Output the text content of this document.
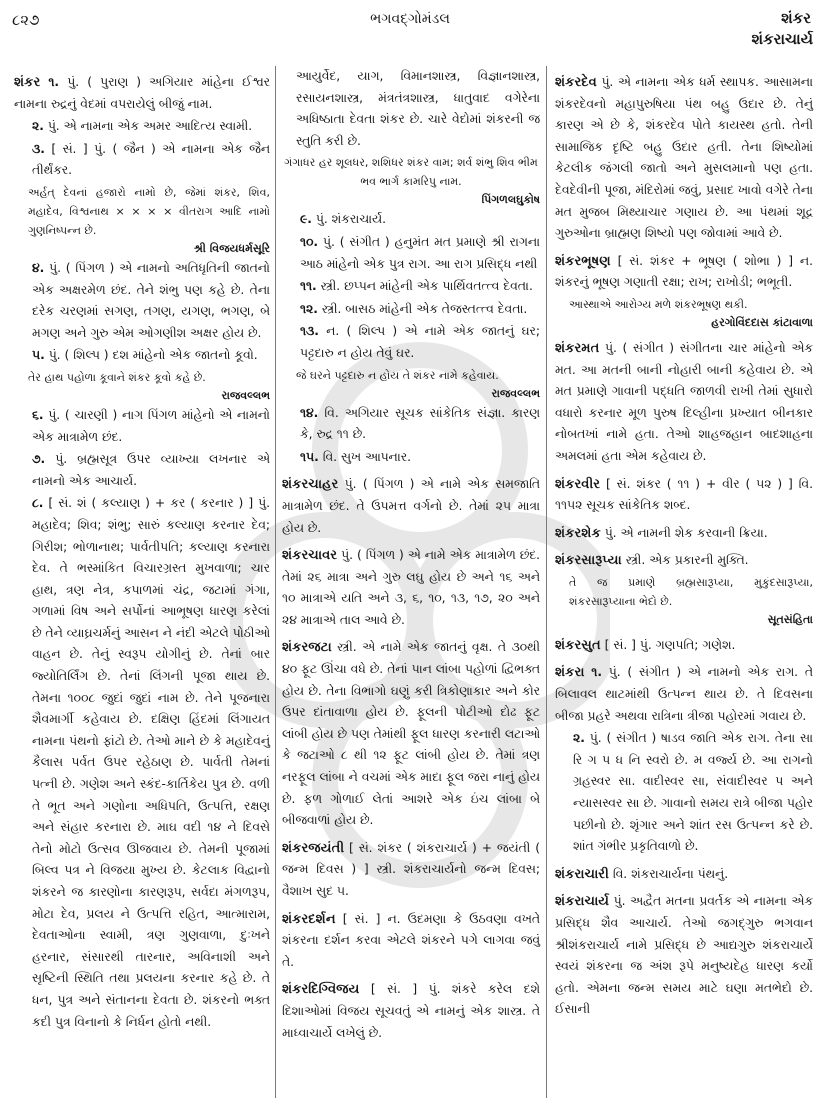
૮૨૭	ભગવદ્ગોમંડલ	શંકર
શંકરાચાર્ય
શંકર ૧. પું. ( પુરાણ ) અગિયાર માંહેના ઈશ્વર નામના રુદ્રનું વેદમાં વપરાયેલું બીજું નામ.
૨. પું. એ નામના એક અમર આદિત્ય સ્વામી.
૩. [ સં. ] પું. ( જૈન ) એ નામના એક જૈન તીર્થંકર.
અર્હત્ દેવનાં હજારો નામો છે, જેમાં શંકર, શિવ, મહાદેવ, વિશ્વનાથ × × × × વીતરાગ આદિ નામો ગુણનિષ્પન્ન છે.
શ્રી વિજયધર્મસૂરિ
૪. પું. ( પિંગળ ) એ નામનો અતિધૃતિની જાતનો એક અક્ષરમેળ છંદ. તેને શંભુ પણ કહે છે. તેના દરેક ચરણમાં સગણ, તગણ, યગણ, ભગણ, બે મગણ અને ગુરુ એમ ઓગણીશ અક્ષર હોય છે.
૫. પું. ( શિલ્પ ) દશ માંહેનો એક જાતનો કૂવો.
તેર હાથ પહોળા કૂવાને શંકર કૂવો કહે છે.
રાજવલ્લભ
૬. પું. ( ચારણી ) નાગ પિંગળ માંહેનો એ નામનો એક માત્રામેળ છંદ.
૭. પું. બ્રહ્મસૂત્ર ઉપર વ્યાખ્યા લખનાર એ નામનો એક આચાર્ય.
૮. [ સં. શં ( કલ્યાણ ) + કર ( કરનાર ) ] પું. મહાદેવ; શિવ; શંભુ; સારું કલ્યાણ કરનાર દેવ; ગિરીશ; ભોળાનાથ; પાર્વતીપતિ; કલ્યાણ કરનારા દેવ. તે ભસ્માંકિત વિચારગ્રસ્ત મુખવાળા; ચાર હાથ, ત્રણ નેત્ર, કપાળમાં ચંદ્ર, જટામાં ગંગા, ગળામાં વિષ અને સર્પોનાં આભૂષણ ધારણ કરેલાં છે તેને વ્યાઘ્રચર્મનું આસન ને નંદી એટલે પોઠીઓ વાહન છે. તેનું સ્વરૂપ યોગીનું છે. તેનાં બાર જ્યોતિર્લિંગ છે. તેનાં લિંગની પૂજા થાય છે. તેમના ૧૦૦૮ જુદાં જુદાં નામ છે. તેને પૂજનારા શૈવમાર્ગી કહેવાય છે. દક્ષિણ હિંદમાં લિંગાયત નામના પંથનો ફાંટો છે. તેઓ માને છે કે મહાદેવનું કૈલાસ પર્વત ઉપર રહેઠાણ છે. પાર્વતી તેમનાં પત્ની છે. ગણેશ અને સ્કંદ-કાર્તિકેય પુત્ર છે. વળી તે ભૂત અને ગણોના અધિપતિ, ઉત્પત્તિ, રક્ષણ અને સંહાર કરનારા છે. માઘ વદી ૧૪ ને દિવસે તેનો મોટો ઉત્સવ ઊજવાય છે. તેમની પૂજામાં બિલ્વ પત્ર ને વિજયા મુખ્ય છે. કેટલાક વિદ્વાનો શંકરને જ કારણોના કારણરૂપ, સર્વદા મંગળરૂપ, મોટા દેવ, પ્રલય ને ઉત્પત્તિ રહિત, આત્મારામ, દેવતાઓના સ્વામી, ત્રણ ગુણવાળા, દુઃખને હરનાર, સંસારથી તારનાર, અવિનાશી અને સૃષ્ટિની સ્થિતિ તથા પ્રલયના કરનાર કહે છે. તે ધન, પુત્ર અને સંતાનના દેવતા છે. શંકરનો ભક્ત કદી પુત્ર વિનાનો કે નિર્ધન હોતો નથી.
આયુર્વેદ, યાગ, વિમાનશાસ્ત્ર, વિજ્ઞાનશાસ્ત્ર, રસાયનશાસ્ત્ર, મંત્રતંત્રશાસ્ત્ર, ધાતુવાદ વગેરેના અધિષ્ઠાતા દેવતા શંકર છે. ચારે વેદોમાં શંકરની જ સ્તુતિ કરી છે.
ગંગાધર હર શૂલધર, શશિધર શંકર વામ; શર્વ શંભુ શિવ ભીમ ભવ ભાર્ગ કામરિપુ નામ.
પિંગળલઘુકોષ
૯. પું. શંકરાચાર્ય.
૧૦. પું. ( સંગીત ) હનુમંત મત પ્રમાણે શ્રી રાગના આઠ માંહેનો એક પુત્ર રાગ. આ રાગ પ્રસિદ્ધ નથી
૧૧. સ્ત્રી. છપ્પન માંહેની એક પાર્થિવતત્ત્વ દેવતા.
૧૨. સ્ત્રી. બાસઠ માંહેની એક તેજસ્તત્ત્વ દેવતા.
૧૩. ન. ( શિલ્પ ) એ નામે એક જાતનું ઘર; પટ્ટદારુ ન હોય તેવું ઘર.
જે ઘરને પટ્ટદારુ ન હોય તે શંકર નામે કહેવાય.
રાજવલ્લભ
૧૪. વિ. અગિયાર સૂચક સાંકેતિક સંજ્ઞા. કારણ કે, રુદ્ર ૧૧ છે.
૧૫. વિ. સુખ આપનાર.
શંકરચાહર પું. ( પિંગળ ) એ નામે એક સમજાતિ માત્રામેળ છંદ. તે ઉપમત્ત વર્ગનો છે. તેમાં ૨૫ માત્રા હોય છે.
શંકરચાવર પું. ( પિંગળ ) એ નામે એક માત્રામેળ છંદ. તેમાં ૨૬ માત્રા અને ગુરુ લઘુ હોય છે અને ૧૬ અને ૧૦ માત્રાએ યતિ અને ૩, ૬, ૧૦, ૧૩, ૧૭, ૨૦ અને ૨૪ માત્રાએ તાલ આવે છે.
શંકરજટા સ્ત્રી. એ નામે એક જાતનું વૃક્ષ. તે ૩૦થી ૪૦ ફૂટ ઊંચા વધે છે. તેનાં પાન લાંબા પહોળાં દ્વિભક્ત હોય છે. તેના વિભાગો ઘણું કરી ત્રિકોણાકાર અને કોર ઉપર દાંતાવાળા હોય છે. ફૂલની પોટીઓ દોઢ ફૂટ લાંબી હોય છે પણ તેમાંથી ફૂલ ધારણ કરનારી લટાઓ કે જટાઓ ૮ થી ૧૨ ફૂટ લાંબી હોય છે. તેમાં ત્રણ નરફૂલ લાંબા ને વચમાં એક માદા ફૂલ જરા નાનું હોય છે. ફળ ગોળાઈ લેતાં આશરે એક ઇંચ લાંબા બે બીજવાળાં હોય છે.
શંકરજયંતી [ સં. શંકર ( શંકરાચાર્ય ) + જયંતી ( જન્મ દિવસ ) ] સ્ત્રી. શંકરાચાર્યનો જન્મ દિવસ; વૈશાખ સુદ ૫.
શંકરદર્શન [ સં. ] ન. ઉદમણા કે ઉઠવણા વખતે શંકરના દર્શન કરવા એટલે શંકરને પગે લાગવા જવું તે.
શંકરદિગ્વિજય [ સં. ] પું. શંકરે કરેલ દશે દિશાઓમાં વિજય સૂચવતું એ નામનું એક શાસ્ત્ર. તે માધ્વાચાર્યે લખેલું છે.
શંકરદેવ પું. એ નામના એક ધર્મ સ્થાપક. આસામના શંકરદેવનો મહાપુરુષિયા પંથ બહુ ઉદાર છે. તેનું કારણ એ છે કે, શંકરદેવ પોતે કાયસ્થ હતો. તેની સામાજિક દૃષ્ટિ બહુ ઉદાર હતી. તેના શિષ્યોમાં કેટલીક જંગલી જાતો અને મુસલમાનો પણ હતા. દેવદેવીની પૂજા, મંદિરોમાં જવું, પ્રસાદ ખાવો વગેરે તેના મત મુજબ મિથ્યાચાર ગણાય છે. આ પંથમાં શૂદ્ર ગુરુઓના બ્રાહ્મણ શિષ્યો પણ જોવામાં આવે છે.
શંકરભૂષણ [ સં. શંકર + ભૂષણ ( શોભા ) ] ન. શંકરનું ભૂષણ ગણાતી રક્ષા; રાખ; રાખોડી; ભભૂતી.
આસ્થાએ આરોગ્ય મળે શંકરભૂષણ થકી.
હરગોવિંદદાસ કાંટાવાળા
શંકરમત પું. ( સંગીત ) સંગીતના ચાર માંહેનો એક મત. આ મતની બાની નોહારી બાની કહેવાય છે. એ મત પ્રમાણે ગાવાની પદ્ધતિ જાળવી રાખી તેમાં સુધારો વધારો કરનાર મૂળ પુરુષ દિલ્હીના પ્રખ્યાત બીનકાર નોબતખાં નામે હતા. તેઓ શાહજહાન બાદશાહના અમલમાં હતા એમ કહેવાય છે.
શંકરવીર [ સં. શંકર ( ૧૧ ) + વીર ( ૫૨ ) ] વિ. ૧૧૫૨ સૂચક સાંકેતિક શબ્દ.
શંકરશેક પું. એ નામની શેક કરવાની ક્રિયા.
શંકરસારૂપ્યા સ્ત્રી. એક પ્રકારની મુક્તિ.
તે જ પ્રમાણે બ્રહ્મસારૂપ્યા, મુકુંદસારૂપ્યા, શંકરસારૂપ્યાના ભેદો છે.
સૂતસંહિતા
શંકરસુત [ સં. ] પું. ગણપતિ; ગણેશ.
શંકરા ૧. પું. ( સંગીત ) એ નામનો એક રાગ. તે બિલાવલ થાટમાંથી ઉત્પન્ન થાય છે. તે દિવસના બીજા પ્રહરે અથવા રાત્રિના ત્રીજા પહોરમાં ગવાય છે.
૨. પું. ( સંગીત ) ષાડવ જાતિ એક રાગ. તેના સા રિ ગ પ ધ નિ સ્વરો છે. મ વર્જ્ય છે. આ રાગનો ગ્રહસ્વર સા. વાદીસ્વર સા, સંવાદીસ્વર પ અને ન્યાસસ્વર સા છે. ગાવાનો સમય રાત્રે બીજા પહોર પછીનો છે. શૃંગાર અને શાંત રસ ઉત્પન્ન કરે છે. શાંત ગંભીર પ્રકૃતિવાળો છે.
શંકરાચારી વિ. શંકરાચાર્યના પંથનું.
શંકરાચાર્ય પું. અદ્વૈત મતના પ્રવર્તક એ નામના એક પ્રસિદ્ધ શૈવ આચાર્ય. તેઓ જગદ્ગુરુ ભગવાન શ્રીશંકરાચાર્ય નામે પ્રસિદ્ધ છે આદ્યગુરુ શંકરાચાર્યે સ્વયં શંકરના જ અંશ રૂપે મનુષ્યદેહ ધારણ કર્યો હતો. એમના જન્મ સમય માટે ઘણા મતભેદો છે. ઈસાની
